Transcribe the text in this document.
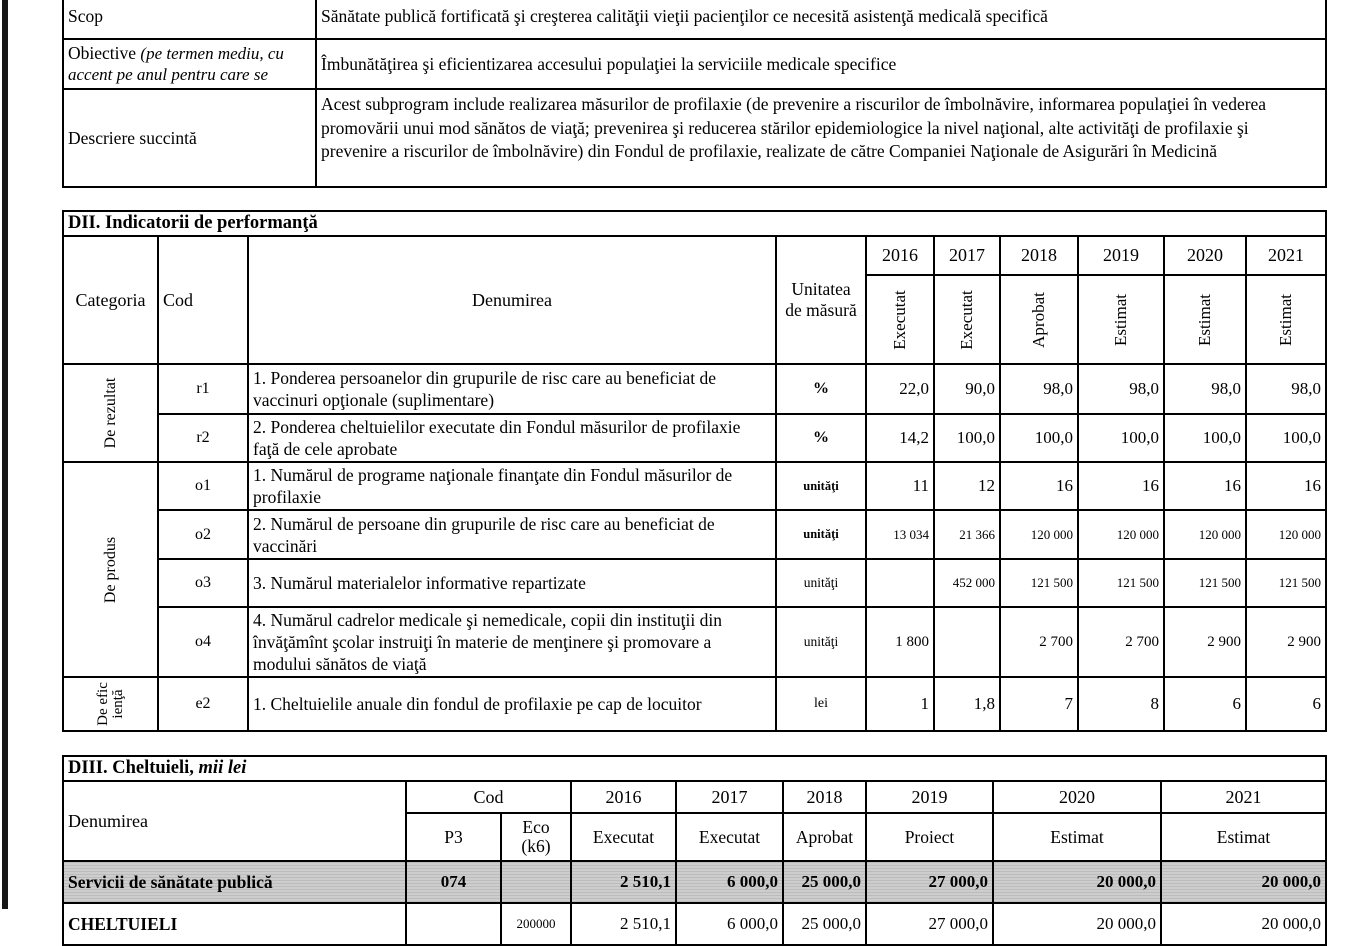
Scop	Sănătate publică fortificată şi creşterea calităţii vieţii pacienţilor ce necesită asistenţă medicală specifică
Obiective (pe termen mediu, cu accent pe anul pentru care se	Îmbunătăţirea şi eficientizarea accesului populaţiei la serviciile medicale specifice
Descriere succintă	Acest subprogram include realizarea măsurilor de profilaxie (de prevenire a riscurilor de îmbolnăvire, informarea populaţiei în vederea promovării unui mod sănătos de viaţă; prevenirea şi reducerea stărilor epidemiologice la nivel naţional, alte activităţi de profilaxie şi prevenire a riscurilor de îmbolnăvire) din Fondul de profilaxie, realizate de către Companiei Naţionale de Asigurări în Medicină
DII. Indicatorii de performanţă									
Categoria	Cod	Denumirea	Unitatea de măsură	2016	2017	2018	2019	2020	2021

				Executat	Executat	Aprobat	Estimat	Estimat	Estimat

De rezultat	r1	1. Ponderea persoanelor din grupurile de risc care au beneficiat de vaccinuri opţionale (suplimentare)	%	22,0	90,0	98,0	98,0	98,0	98,0
	r2	2. Ponderea cheltuielilor executate din Fondul măsurilor de profilaxie faţă de cele aprobate	%	14,2	100,0	100,0	100,0	100,0	100,0

De produs	o1	1. Numărul de programe naţionale finanţate din Fondul măsurilor de profilaxie	unităţi	11	12	16	16	16	16
	o2	2. Numărul de persoane din grupurile de risc care au beneficiat de vaccinări	unităţi	13 034	21 366	120 000	120 000	120 000	120 000
	o3	3. Numărul materialelor informative repartizate	unităţi		452 000	121 500	121 500	121 500	121 500
	o4	4. Numărul cadrelor medicale şi nemedicale, copii din instituţii din învăţămînt şcolar instruiţi în materie de menţinere şi promovare a modului sănătos de viaţă	unităţi	1 800		2 700	2 700	2 900	2 900

De eficienţă	e2	1. Cheltuielile anuale din fondul de profilaxie pe cap de locuitor	lei	1	1,8	7	8	6	6
DIII. Cheltuieli, mii lei								
Denumirea	Cod		2016	2017	2018	2019	2020	2021
	P3	Eco (k6)	Executat	Executat	Aprobat	Proiect	Estimat	Estimat
Servicii de sănătate publică	074		2 510,1	6 000,0	25 000,0	27 000,0	20 000,0	20 000,0
CHELTUIELI		200000	2 510,1	6 000,0	25 000,0	27 000,0	20 000,0	20 000,0
